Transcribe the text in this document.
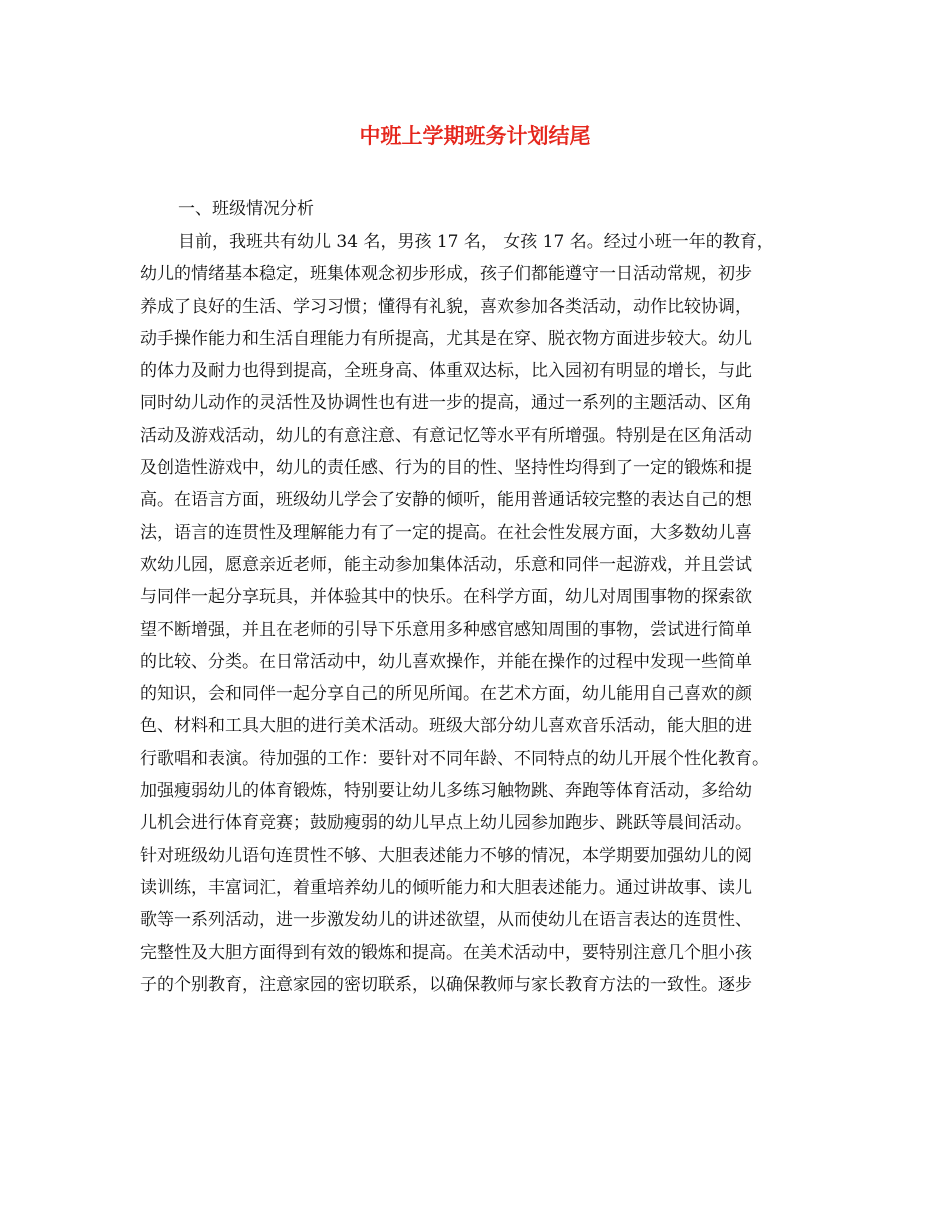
中班上学期班务计划结尾
一、班级情况分析
目前，我班共有幼儿 34 名，男孩 17 名， 女孩 17 名。经过小班一年的教育，
幼儿的情绪基本稳定，班集体观念初步形成，孩子们都能遵守一日活动常规，初步
养成了良好的生活、学习习惯；懂得有礼貌，喜欢参加各类活动，动作比较协调，
动手操作能力和生活自理能力有所提高，尤其是在穿、脱衣物方面进步较大。幼儿
的体力及耐力也得到提高，全班身高、体重双达标，比入园初有明显的增长，与此
同时幼儿动作的灵活性及协调性也有进一步的提高，通过一系列的主题活动、区角
活动及游戏活动，幼儿的有意注意、有意记忆等水平有所增强。特别是在区角活动
及创造性游戏中，幼儿的责任感、行为的目的性、坚持性均得到了一定的锻炼和提
高。在语言方面，班级幼儿学会了安静的倾听，能用普通话较完整的表达自己的想
法，语言的连贯性及理解能力有了一定的提高。在社会性发展方面，大多数幼儿喜
欢幼儿园，愿意亲近老师，能主动参加集体活动，乐意和同伴一起游戏，并且尝试
与同伴一起分享玩具，并体验其中的快乐。在科学方面，幼儿对周围事物的探索欲
望不断增强，并且在老师的引导下乐意用多种感官感知周围的事物，尝试进行简单
的比较、分类。在日常活动中，幼儿喜欢操作，并能在操作的过程中发现一些简单
的知识，会和同伴一起分享自己的所见所闻。在艺术方面，幼儿能用自己喜欢的颜
色、材料和工具大胆的进行美术活动。班级大部分幼儿喜欢音乐活动，能大胆的进
行歌唱和表演。待加强的工作：要针对不同年龄、不同特点的幼儿开展个性化教育。
加强瘦弱幼儿的体育锻炼，特别要让幼儿多练习触物跳、奔跑等体育活动，多给幼
儿机会进行体育竞赛；鼓励瘦弱的幼儿早点上幼儿园参加跑步、跳跃等晨间活动。
针对班级幼儿语句连贯性不够、大胆表述能力不够的情况，本学期要加强幼儿的阅
读训练，丰富词汇，着重培养幼儿的倾听能力和大胆表述能力。通过讲故事、读儿
歌等一系列活动，进一步激发幼儿的讲述欲望，从而使幼儿在语言表达的连贯性、
完整性及大胆方面得到有效的锻炼和提高。在美术活动中，要特别注意几个胆小孩
子的个别教育，注意家园的密切联系，以确保教师与家长教育方法的一致性。逐步
